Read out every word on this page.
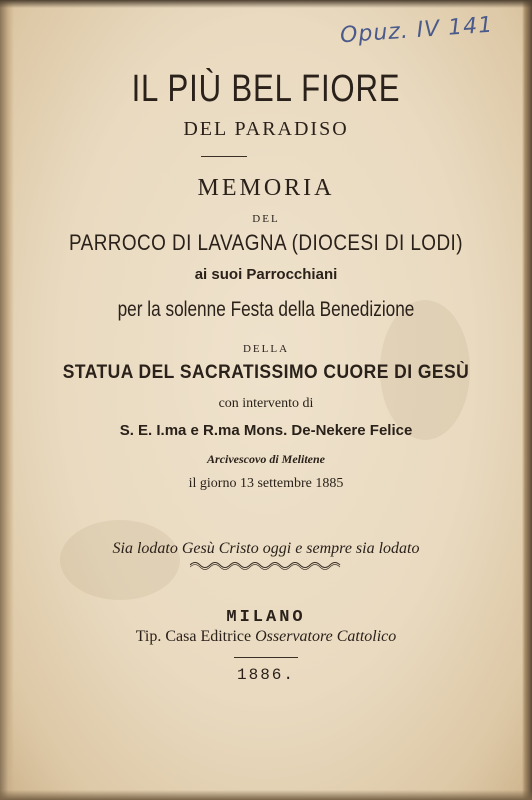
Opuz. IV 141

IL PIÙ BEL FIORE

DEL PARADISO

MEMORIA

DEL

PARROCO DI LAVAGNA (DIOCESI DI LODI)

ai suoi Parrocchiani

per la solenne Festa della Benedizione

DELLA

STATUA DEL SACRATISSIMO CUORE DI GESÙ

con intervento di

S. E. I.ma e R.ma Mons. De-Nekere Felice

Arcivescovo di Melitene

il giorno 13 settembre 1885

Sia lodato Gesù Cristo oggi e sempre sia lodato

MILANO

Tip. Casa Editrice Osservatore Cattolico

1886.
